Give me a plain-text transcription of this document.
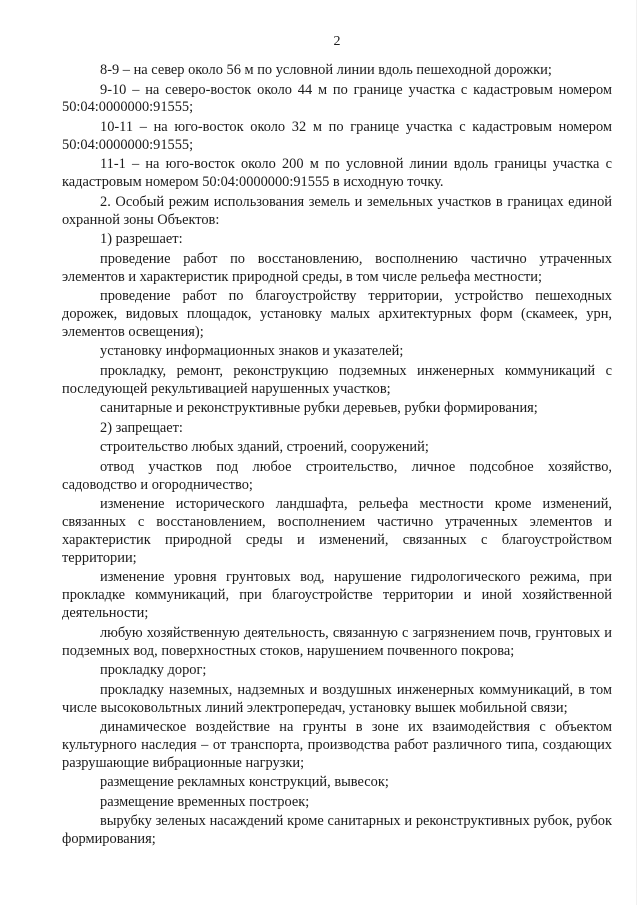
2

8-9 – на север около 56 м по условной линии вдоль пешеходной дорожки;

9-10 – на северо-восток около 44 м по границе участка с кадастровым номером 50:04:0000000:91555;

10-11 – на юго-восток около 32 м по границе участка с кадастровым номером 50:04:0000000:91555;

11-1 – на юго-восток около 200 м по условной линии вдоль границы участка с кадастровым номером 50:04:0000000:91555 в исходную точку.

2. Особый режим использования земель и земельных участков в границах единой охранной зоны Объектов:

1) разрешает:

проведение работ по восстановлению, восполнению частично утраченных элементов и характеристик природной среды, в том числе рельефа местности;

проведение работ по благоустройству территории, устройство пешеходных дорожек, видовых площадок, установку малых архитектурных форм (скамеек, урн, элементов освещения);

установку информационных знаков и указателей;

прокладку, ремонт, реконструкцию подземных инженерных коммуникаций с последующей рекультивацией нарушенных участков;

санитарные и реконструктивные рубки деревьев, рубки формирования;

2) запрещает:

строительство любых зданий, строений, сооружений;

отвод участков под любое строительство, личное подсобное хозяйство, садоводство и огородничество;

изменение исторического ландшафта, рельефа местности кроме изменений, связанных с восстановлением, восполнением частично утраченных элементов и характеристик природной среды и изменений, связанных с благоустройством территории;

изменение уровня грунтовых вод, нарушение гидрологического режима, при прокладке коммуникаций, при благоустройстве территории и иной хозяйственной деятельности;

любую хозяйственную деятельность, связанную с загрязнением почв, грунтовых и подземных вод, поверхностных стоков, нарушением почвенного покрова;

прокладку дорог;

прокладку наземных, надземных и воздушных инженерных коммуникаций, в том числе высоковольтных линий электропередач, установку вышек мобильной связи;

динамическое воздействие на грунты в зоне их взаимодействия с объектом культурного наследия – от транспорта, производства работ различного типа, создающих разрушающие вибрационные нагрузки;

размещение рекламных конструкций, вывесок;

размещение временных построек;

вырубку зеленых насаждений кроме санитарных и реконструктивных рубок, рубок формирования;
